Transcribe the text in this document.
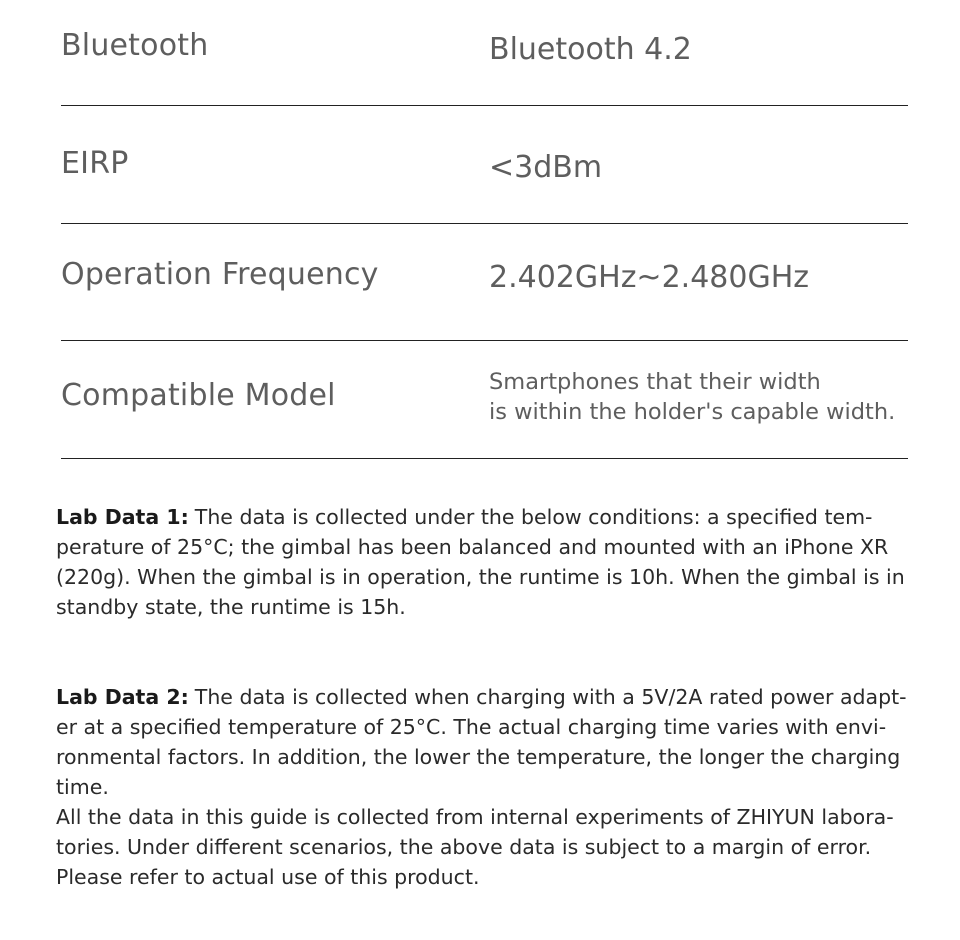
Bluetooth	Bluetooth 4.2
EIRP	<3dBm
Operation Frequency	2.402GHz~2.480GHz
Compatible Model	Smartphones that their width
is within the holder's capable width.
Lab Data 1: The data is collected under the below conditions: a specified tem-
perature of 25°C; the gimbal has been balanced and mounted with an iPhone XR
(220g). When the gimbal is in operation, the runtime is 10h. When the gimbal is in
standby state, the runtime is 15h.
Lab Data 2: The data is collected when charging with a 5V/2A rated power adapt-
er at a specified temperature of 25°C. The actual charging time varies with envi-
ronmental factors. In addition, the lower the temperature, the longer the charging
time.
All the data in this guide is collected from internal experiments of ZHIYUN labora-
tories. Under different scenarios, the above data is subject to a margin of error.
Please refer to actual use of this product.
